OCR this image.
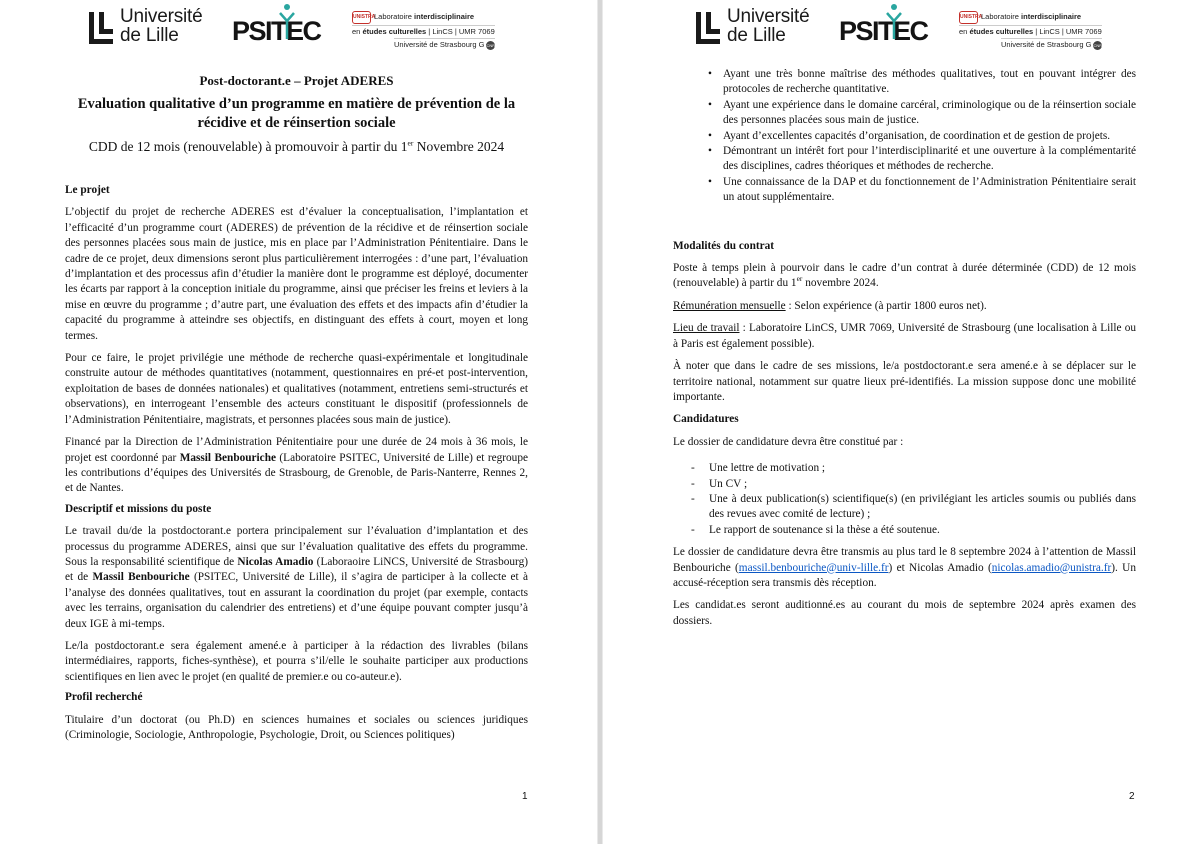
Université
de Lille	PSITEC	UNISTRA
Laboratoire interdisciplinaire
en études culturelles | LinCS | UMR 7069
Université de Strasbourg G CNRS
Post-doctorant.e – Projet ADERES
Evaluation qualitative d’un programme en matière de prévention de la récidive et de réinsertion sociale
CDD de 12 mois (renouvelable) à promouvoir à partir du 1er Novembre 2024
Le projet

L’objectif du projet de recherche ADERES est d’évaluer la conceptualisation, l’implantation et l’efficacité d’un programme court (ADERES) de prévention de la récidive et de réinsertion sociale des personnes placées sous main de justice, mis en place par l’Administration Pénitentiaire. Dans le cadre de ce projet, deux dimensions seront plus particulièrement interrogées : d’une part, l’évaluation d’implantation et des processus afin d’étudier la manière dont le programme est déployé, documenter les écarts par rapport à la conception initiale du programme, ainsi que préciser les freins et leviers à la mise en œuvre du programme ; d’autre part, une évaluation des effets et des impacts afin d’étudier la capacité du programme à atteindre ses objectifs, en distinguant des effets à court, moyen et long termes.

Pour ce faire, le projet privilégie une méthode de recherche quasi-expérimentale et longitudinale construite autour de méthodes quantitatives (notamment, questionnaires en pré-et post-intervention, exploitation de bases de données nationales) et qualitatives (notamment, entretiens semi-structurés et observations), en interrogeant l’ensemble des acteurs constituant le dispositif (professionnels de l’Administration Pénitentiaire, magistrats, et personnes placées sous main de justice).

Financé par la Direction de l’Administration Pénitentiaire pour une durée de 24 mois à 36 mois, le projet est coordonné par Massil Benbouriche (Laboratoire PSITEC, Université de Lille) et regroupe les contributions d’équipes des Universités de Strasbourg, de Grenoble, de Paris-Nanterre, Rennes 2, et de Nantes.

Descriptif et missions du poste

Le travail du/de la postdoctorant.e portera principalement sur l’évaluation d’implantation et des processus du programme ADERES, ainsi que sur l’évaluation qualitative des effets du programme. Sous la responsabilité scientifique de Nicolas Amadio (Laboraoire LiNCS, Université de Strasbourg) et de Massil Benbouriche (PSITEC, Université de Lille), il s’agira de participer à la collecte et à l’analyse des données qualitatives, tout en assurant la coordination du projet (par exemple, contacts avec les terrains, organisation du calendrier des entretiens) et d’une équipe pouvant compter jusqu’à deux IGE à mi-temps.

Le/la postdoctorant.e sera également amené.e à participer à la rédaction des livrables (bilans intermédiaires, rapports, fiches-synthèse), et pourra s’il/elle le souhaite participer aux productions scientifiques en lien avec le projet (en qualité de premier.e ou co-auteur.e).

Profil recherché

Titulaire d’un doctorat (ou Ph.D) en sciences humaines et sociales ou sciences juridiques (Criminologie, Sociologie, Anthropologie, Psychologie, Droit, ou Sciences politiques)

1
Université
de Lille	PSITEC	UNISTRA
Laboratoire interdisciplinaire
en études culturelles | LinCS | UMR 7069
Université de Strasbourg G CNRS
• Ayant une très bonne maîtrise des méthodes qualitatives, tout en pouvant intégrer des protocoles de recherche quantitative.
• Ayant une expérience dans le domaine carcéral, criminologique ou de la réinsertion sociale des personnes placées sous main de justice.
• Ayant d’excellentes capacités d’organisation, de coordination et de gestion de projets.
• Démontrant un intérêt fort pour l’interdisciplinarité et une ouverture à la complémentarité des disciplines, cadres théoriques et méthodes de recherche.
• Une connaissance de la DAP et du fonctionnement de l’Administration Pénitentiaire serait un atout supplémentaire.
Modalités du contrat

Poste à temps plein à pourvoir dans le cadre d’un contrat à durée déterminée (CDD) de 12 mois (renouvelable) à partir du 1er novembre 2024.

Rémunération mensuelle : Selon expérience (à partir 1800 euros net).

Lieu de travail : Laboratoire LinCS, UMR 7069, Université de Strasbourg (une localisation à Lille ou à Paris est également possible).

À noter que dans le cadre de ses missions, le/a postdoctorant.e sera amené.e à se déplacer sur le territoire national, notamment sur quatre lieux pré-identifiés. La mission suppose donc une mobilité importante.

Candidatures

Le dossier de candidature devra être constitué par :

- Une lettre de motivation ;
- Un CV ;
- Une à deux publication(s) scientifique(s) (en privilégiant les articles soumis ou publiés dans des revues avec comité de lecture) ;
- Le rapport de soutenance si la thèse a été soutenue.

Le dossier de candidature devra être transmis au plus tard le 8 septembre 2024 à l’attention de Massil Benbouriche (massil.benbouriche@univ-lille.fr) et Nicolas Amadio (nicolas.amadio@unistra.fr). Un accusé-réception sera transmis dès réception.

Les candidat.es seront auditionné.es au courant du mois de septembre 2024 après examen des dossiers.

2
